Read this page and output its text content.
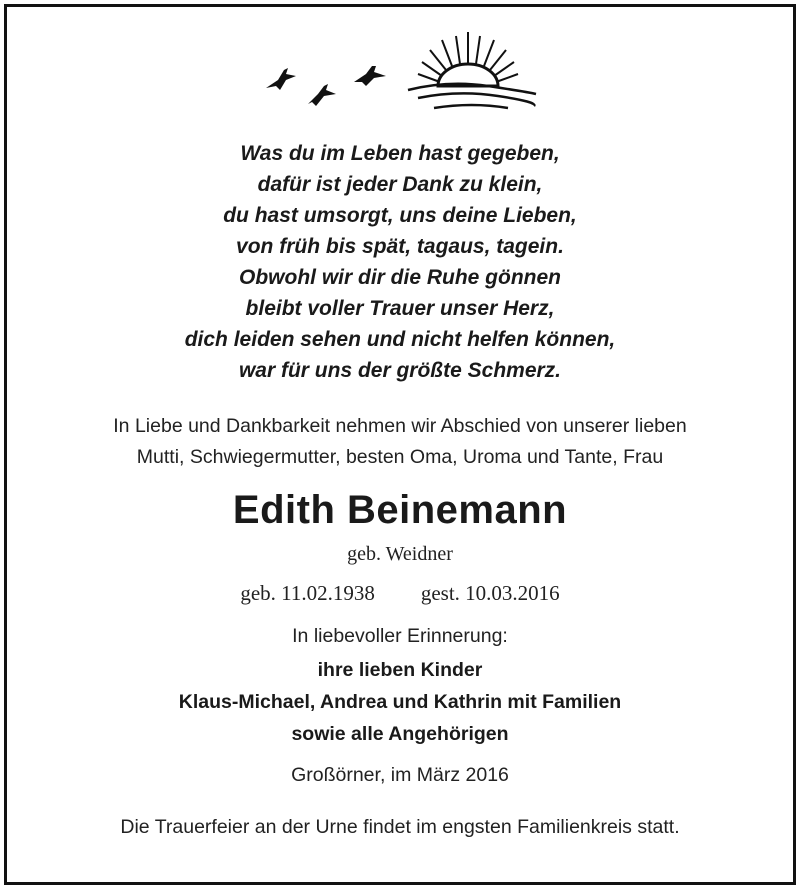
Was du im Leben hast gegeben,
dafür ist jeder Dank zu klein,
du hast umsorgt, uns deine Lieben,
von früh bis spät, tagaus, tagein.
Obwohl wir dir die Ruhe gönnen
bleibt voller Trauer unser Herz,
dich leiden sehen und nicht helfen können,
war für uns der größte Schmerz.
In Liebe und Dankbarkeit nehmen wir Abschied von unserer lieben
Mutti, Schwiegermutter, besten Oma, Uroma und Tante, Frau
Edith Beinemann
geb. Weidner
geb. 11.02.1938 gest. 10.03.2016
In liebevoller Erinnerung:
ihre lieben Kinder
Klaus-Michael, Andrea und Kathrin mit Familien
sowie alle Angehörigen
Großörner, im März 2016
Die Trauerfeier an der Urne findet im engsten Familienkreis statt.
